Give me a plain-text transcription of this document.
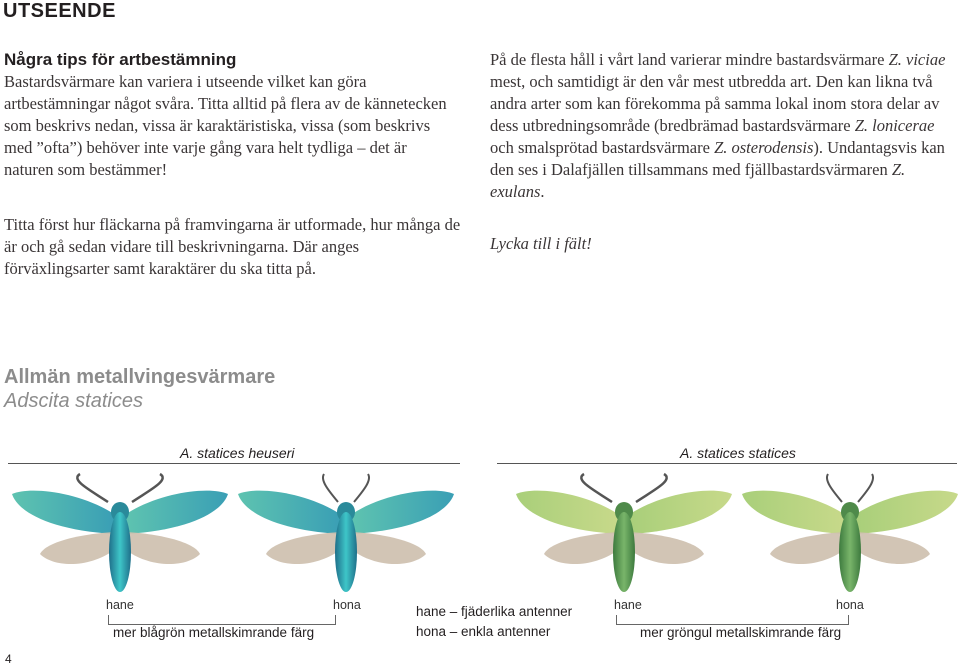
UTSEENDE
Några tips för artbestämning
Bastardsvärmare kan variera i utseende vilket kan göra artbestämningar något svåra. Titta alltid på flera av de kännetecken som beskrivs nedan, vissa är karaktäristiska, vissa (som beskrivs med ”ofta”) behöver inte varje gång vara helt tydliga – det är naturen som bestämmer!
Titta först hur fläckarna på framvingarna är utformade, hur många de är och gå sedan vidare till beskrivningarna. Där anges förväxlingsarter samt karaktärer du ska titta på.
På de flesta håll i vårt land varierar mindre bastardsvärmare Z. viciae mest, och samtidigt är den vår mest utbredda art. Den kan likna två andra arter som kan förekomma på samma lokal inom stora delar av dess utbredningsområde (bredbrämad bastardsvärmare Z. lonicerae och smalsprötad bastardsvärmare Z. osterodensis). Undantagsvis kan den ses i Dalafjällen tillsammans med fjällbastardsvärmaren Z. exulans.
Lycka till i fält!
Allmän metallvingesvärmare
Adscita statices
A. statices heuseri	A. statices statices
hane	hona	hane	hona
mer blågrön metallskimrande färg	mer gröngul metallskimrande färg
hane – fjäderlika antenner
hona – enkla antenner
4
